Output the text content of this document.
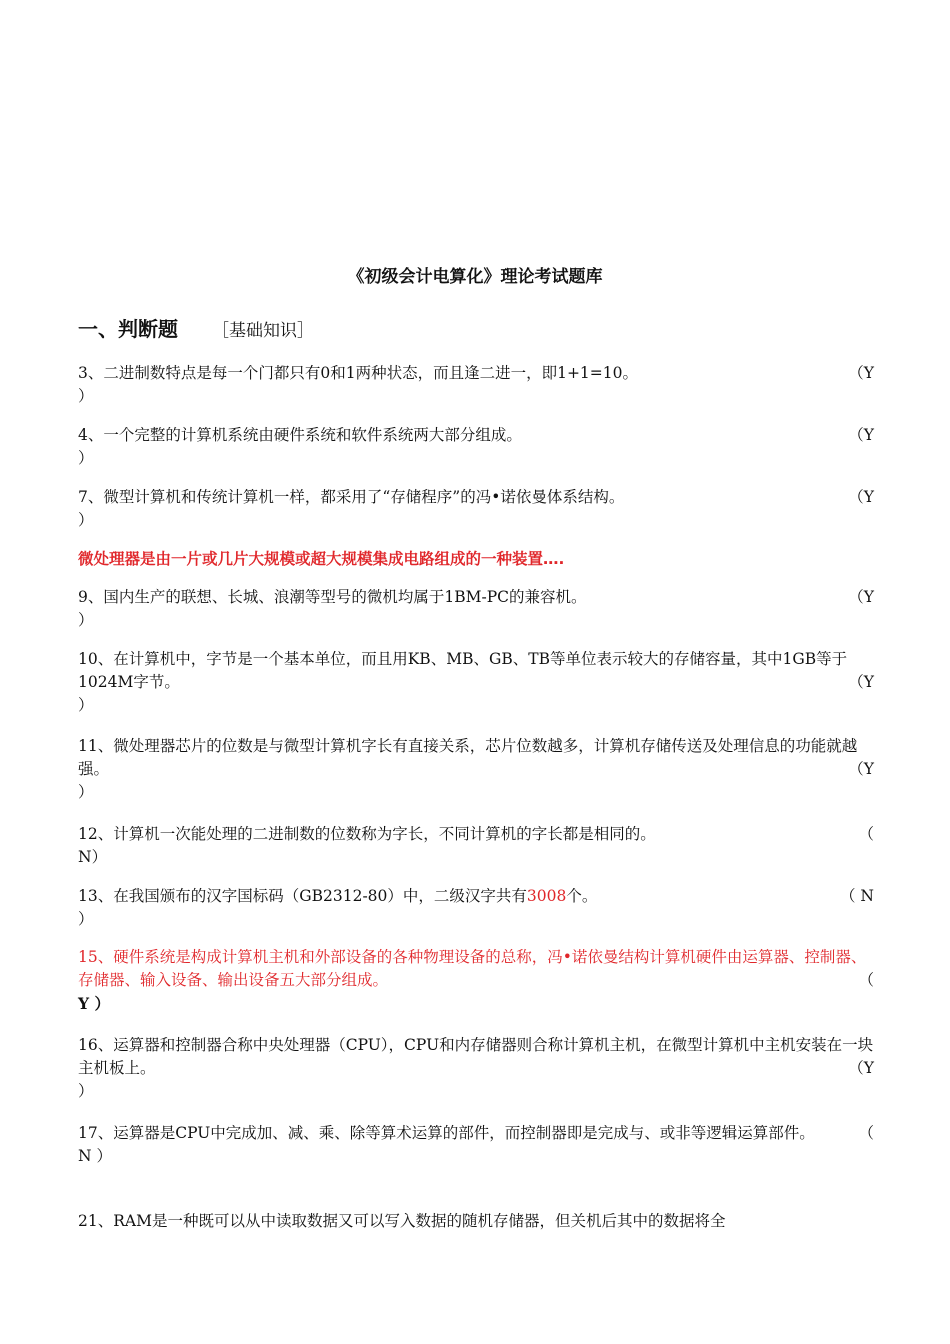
《初级会计电算化》理论考试题库
一、判断题 ［基础知识］
3、二进制数特点是每一个门都只有0和1两种状态，而且逢二进一，即1+1=10。	（Y
）
4、一个完整的计算机系统由硬件系统和软件系统两大部分组成。	（Y
）
7、微型计算机和传统计算机一样，都采用了“存储程序”的冯•诺依曼体系结构。	（Y
）
微处理器是由一片或几片大规模或超大规模集成电路组成的一种装置….
9、国内生产的联想、长城、浪潮等型号的微机均属于1BM-PC的兼容机。	（Y
）
10、在计算机中，字节是一个基本单位，而且用KB、MB、GB、TB等单位表示较大的存储容量，其中1GB等于1024M字节。	（Y
）
11、微处理器芯片的位数是与微型计算机字长有直接关系，芯片位数越多，计算机存储传送及处理信息的功能就越强。	（Y
）
12、计算机一次能处理的二进制数的位数称为字长，不同计算机的字长都是相同的。	（
N）
13、在我国颁布的汉字国标码（GB2312-80）中，二级汉字共有3008个。	（ N
）
15、硬件系统是构成计算机主机和外部设备的各种物理设备的总称，冯•诺依曼结构计算机硬件由运算器、控制器、存储器、输入设备、输出设备五大部分组成。	（
Y ）
16、运算器和控制器合称中央处理器（CPU），CPU和内存储器则合称计算机主机，在微型计算机中主机安装在一块主机板上。	（Y
）
17、运算器是CPU中完成加、减、乘、除等算术运算的部件，而控制器即是完成与、或非等逻辑运算部件。	（
N ）
21、RAM是一种既可以从中读取数据又可以写入数据的随机存储器，但关机后其中的数据将全
